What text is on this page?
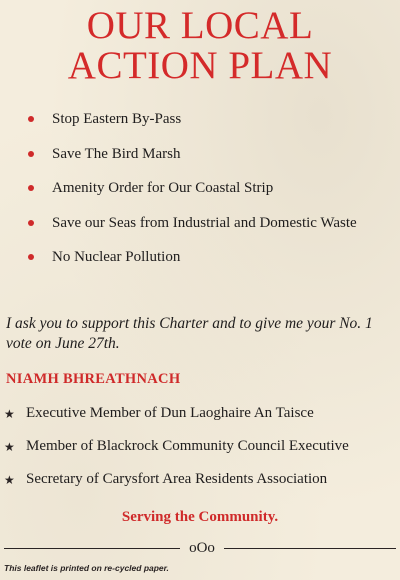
OUR LOCAL
ACTION PLAN
Stop Eastern By-Pass
Save The Bird Marsh
Amenity Order for Our Coastal Strip
Save our Seas from Industrial and Domestic Waste
No Nuclear Pollution

I ask you to support this Charter and to give me your No. 1 vote on June 27th.

NIAMH BHREATHNACH

★ Executive Member of Dun Laoghaire An Taisce
★ Member of Blackrock Community Council Executive
★ Secretary of Carysfort Area Residents Association

Serving the Community.

oOo

This leaflet is printed on re-cycled paper.
